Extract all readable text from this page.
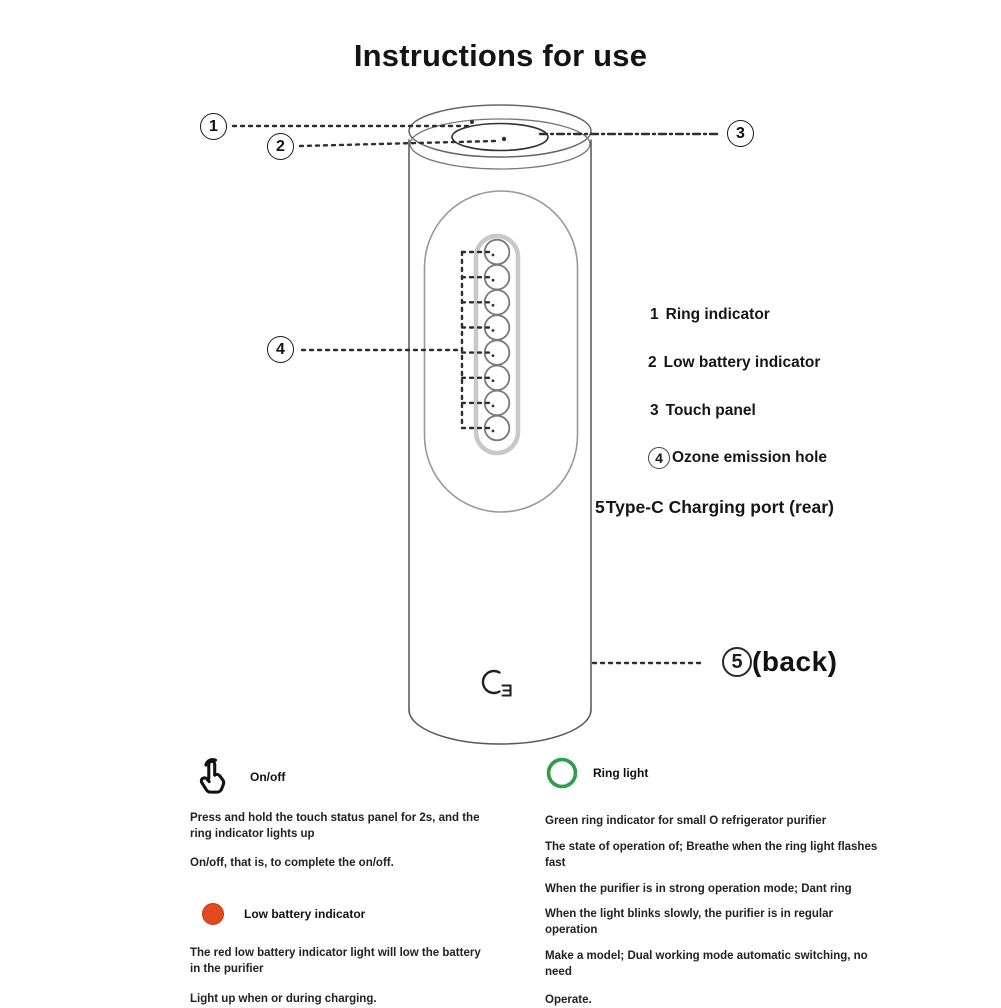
Instructions for use
1
2
3
4
1 Ring indicator
2 Low battery indicator
3 Touch panel
4 Ozone emission hole
5 Type-C Charging port (rear)
5 (back)
On/off

Press and hold the touch status panel for 2s, and the ring indicator lights up

On/off, that is, to complete the on/off.

Low battery indicator

The red low battery indicator light will low the battery in the purifier

Light up when or during charging.

Ring light

Green ring indicator for small O refrigerator purifier

The state of operation of; Breathe when the ring light flashes fast

When the purifier is in strong operation mode; Dant ring

When the light blinks slowly, the purifier is in regular operation

Make a model; Dual working mode automatic switching, no need

Operate.
